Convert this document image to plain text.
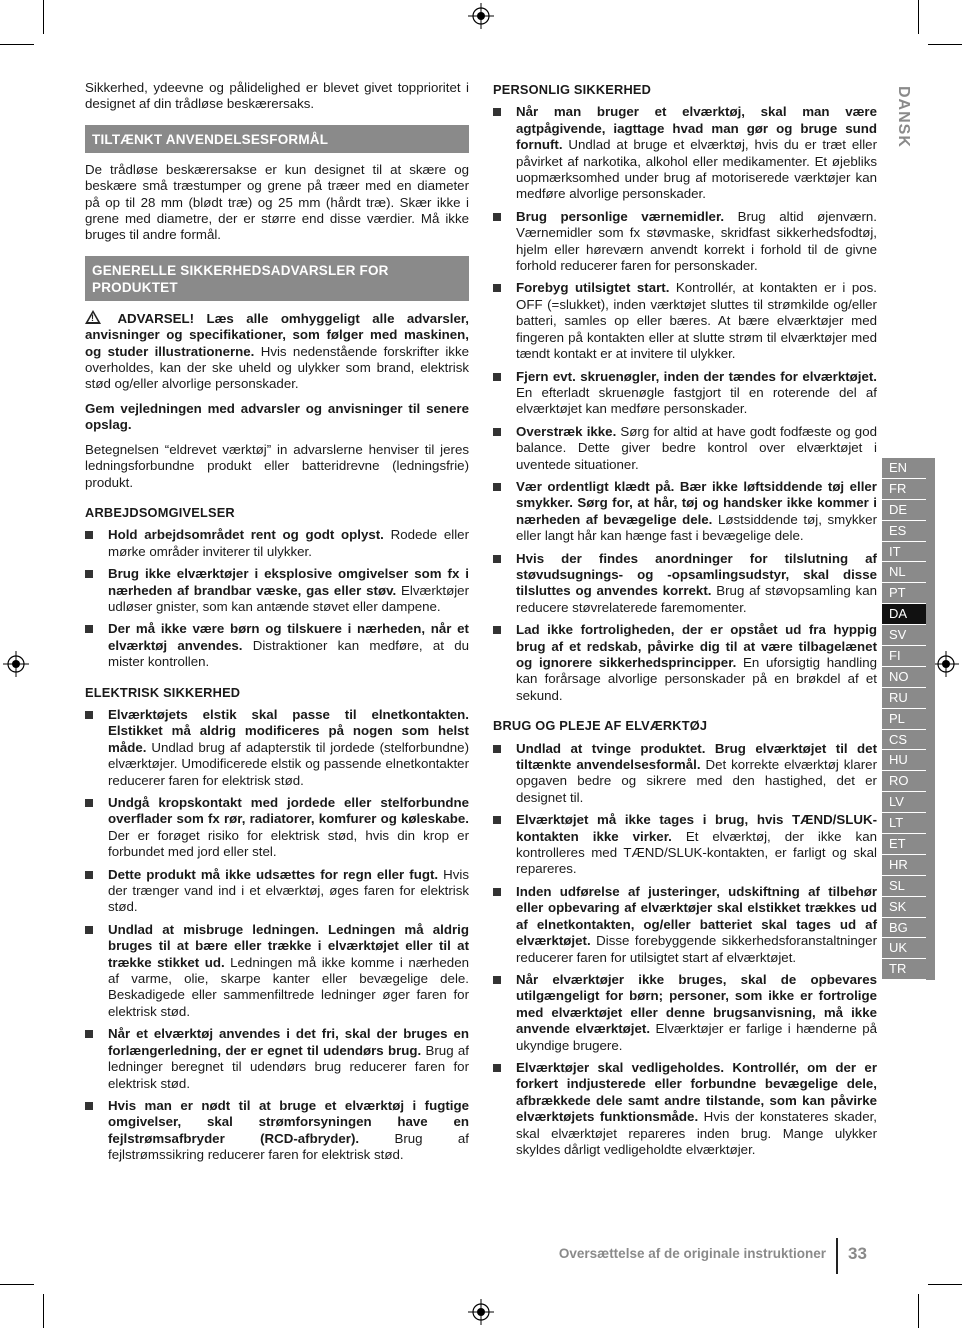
Sikkerhed, ydeevne og pålidelighed er blevet givet topprioritet i designet af din trådløse beskærersaks.

TILTÆNKT ANVENDELSESFORMÅL

De trådløse beskærersakse er kun designet til at skære og beskære små træstumper og grene på træer med en diameter på op til 28 mm (blødt træ) og 25 mm (hårdt træ). Skær ikke i grene med diametre, der er større end disse værdier. Må ikke bruges til andre formål.

GENERELLE SIKKERHEDSADVARSLER FOR PRODUKTET

! ADVARSEL! Læs alle omhyggeligt alle advarsler, anvisninger og specifikationer, som følger med maskinen, og studer illustrationerne. Hvis nedenstående forskrifter ikke overholdes, kan der ske uheld og ulykker som brand, elektrisk stød og/eller alvorlige personskader.

Gem vejledningen med advarsler og anvisninger til senere opslag.

Betegnelsen “eldrevet værktøj” in advarslerne henviser til jeres ledningsforbundne produkt eller batteridrevne (ledningsfrie) produkt.

ARBEJDSOMGIVELSER
Hold arbejdsområdet rent og godt oplyst. Rodede eller mørke områder inviterer til ulykker.
Brug ikke elværktøjer i eksplosive omgivelser som fx i nærheden af brandbar væske, gas eller støv. Elværktøjer udløser gnister, som kan antænde støvet eller dampene.
Der må ikke være børn og tilskuere i nærheden, når et elværktøj anvendes. Distraktioner kan medføre, at du mister kontrollen.
ELEKTRISK SIKKERHED
Elværktøjets elstik skal passe til elnetkontakten. Elstikket må aldrig modificeres på nogen som helst måde. Undlad brug af adapterstik til jordede (stelforbundne) elværktøjer. Umodificerede elstik og passende elnetkontakter reducerer faren for elektrisk stød.
Undgå kropskontakt med jordede eller stelforbundne overflader som fx rør, radiatorer, komfurer og køleskabe. Der er forøget risiko for elektrisk stød, hvis din krop er forbundet med jord eller stel.
Dette produkt må ikke udsættes for regn eller fugt. Hvis der trænger vand ind i et elværktøj, øges faren for elektrisk stød.
Undlad at misbruge ledningen. Ledningen må aldrig bruges til at bære eller trække i elværktøjet eller til at trække stikket ud. Ledningen må ikke komme i nærheden af varme, olie, skarpe kanter eller bevægelige dele. Beskadigede eller sammenfiltrede ledninger øger faren for elektrisk stød.
Når et elværktøj anvendes i det fri, skal der bruges en forlængerledning, der er egnet til udendørs brug. Brug af ledninger beregnet til udendørs brug reducerer faren for elektrisk stød.
Hvis man er nødt til at bruge et elværktøj i fugtige omgivelser, skal strømforsyningen have en fejlstrømsafbryder (RCD-afbryder). Brug af fejlstrømssikring reducerer faren for elektrisk stød.
PERSONLIG SIKKERHED
Når man bruger et elværktøj, skal man være agtpågivende, iagttage hvad man gør og bruge sund fornuft. Undlad at bruge et elværktøj, hvis du er træt eller påvirket af narkotika, alkohol eller medikamenter. Et øjebliks uopmærksomhed under brug af motoriserede værktøjer kan medføre alvorlige personskader.
Brug personlige værnemidler. Brug altid øjenværn. Værnemidler som fx støvmaske, skridfast sikkerhedsfodtøj, hjelm eller høreværn anvendt korrekt i forhold til de givne forhold reducerer faren for personskader.
Forebyg utilsigtet start. Kontrollér, at kontakten er i pos. OFF (=slukket), inden værktøjet sluttes til strømkilde og/eller batteri, samles op eller bæres. At bære elværktøjer med fingeren på kontakten eller at slutte strøm til elværktøjer med tændt kontakt er at invitere til ulykker.
Fjern evt. skruenøgler, inden der tændes for elværktøjet. En efterladt skruenøgle fastgjort til en roterende del af elværktøjet kan medføre personskader.
Overstræk ikke. Sørg for altid at have godt fodfæste og god balance. Dette giver bedre kontrol over elværktøjet i uventede situationer.
Vær ordentligt klædt på. Bær ikke løftsiddende tøj eller smykker. Sørg for, at hår, tøj og handsker ikke kommer i nærheden af bevægelige dele. Løstsiddende tøj, smykker eller langt hår kan hænge fast i bevægelige dele.
Hvis der findes anordninger for tilslutning af støvudsugnings- og -opsamlingsudstyr, skal disse tilsluttes og anvendes korrekt. Brug af støvopsamling kan reducere støvrelaterede faremomenter.
Lad ikke fortroligheden, der er opstået ud fra hyppig brug af et redskab, påvirke dig til at være tilbagelænet og ignorere sikkerhedsprincipper. En uforsigtig handling kan forårsage alvorlige personskader på en brøkdel af et sekund.
BRUG OG PLEJE AF ELVÆRKTØJ
Undlad at tvinge produktet. Brug elværktøjet til det tiltænkte anvendelsesformål. Det korrekte elværktøj klarer opgaven bedre og sikrere med den hastighed, det er designet til.
Elværktøjet må ikke tages i brug, hvis TÆND/SLUK-kontakten ikke virker. Et elværktøj, der ikke kan kontrolleres med TÆND/SLUK-kontakten, er farligt og skal repareres.
Inden udførelse af justeringer, udskiftning af tilbehør eller opbevaring af elværktøjer skal elstikket trækkes ud af elnetkontakten, og/eller batteriet skal tages ud af elværktøjet. Disse forebyggende sikkerhedsforanstaltninger reducerer faren for utilsigtet start af elværktøjet.
Når elværktøjer ikke bruges, skal de opbevares utilgængeligt for børn; personer, som ikke er fortrolige med elværktøjet eller denne brugsanvisning, må ikke anvende elværktøjet. Elværktøjer er farlige i hænderne på ukyndige brugere.
Elværktøjer skal vedligeholdes. Kontrollér, om der er forkert indjusterede eller forbundne bevægelige dele, afbrækkede dele samt andre tilstande, som kan påvirke elværktøjets funktionsmåde. Hvis der konstateres skader, skal elværktøjet repareres inden brug. Mange ulykker skyldes dårligt vedligeholdte elværktøjer.
DANSK
EN
FR
DE
ES
IT
NL
PT
DA
SV
FI
NO
RU
PL
CS
HU
RO
LV
LT
ET
HR
SL
SK
BG
UK
TR
Oversættelse af de originale instruktioner 33
